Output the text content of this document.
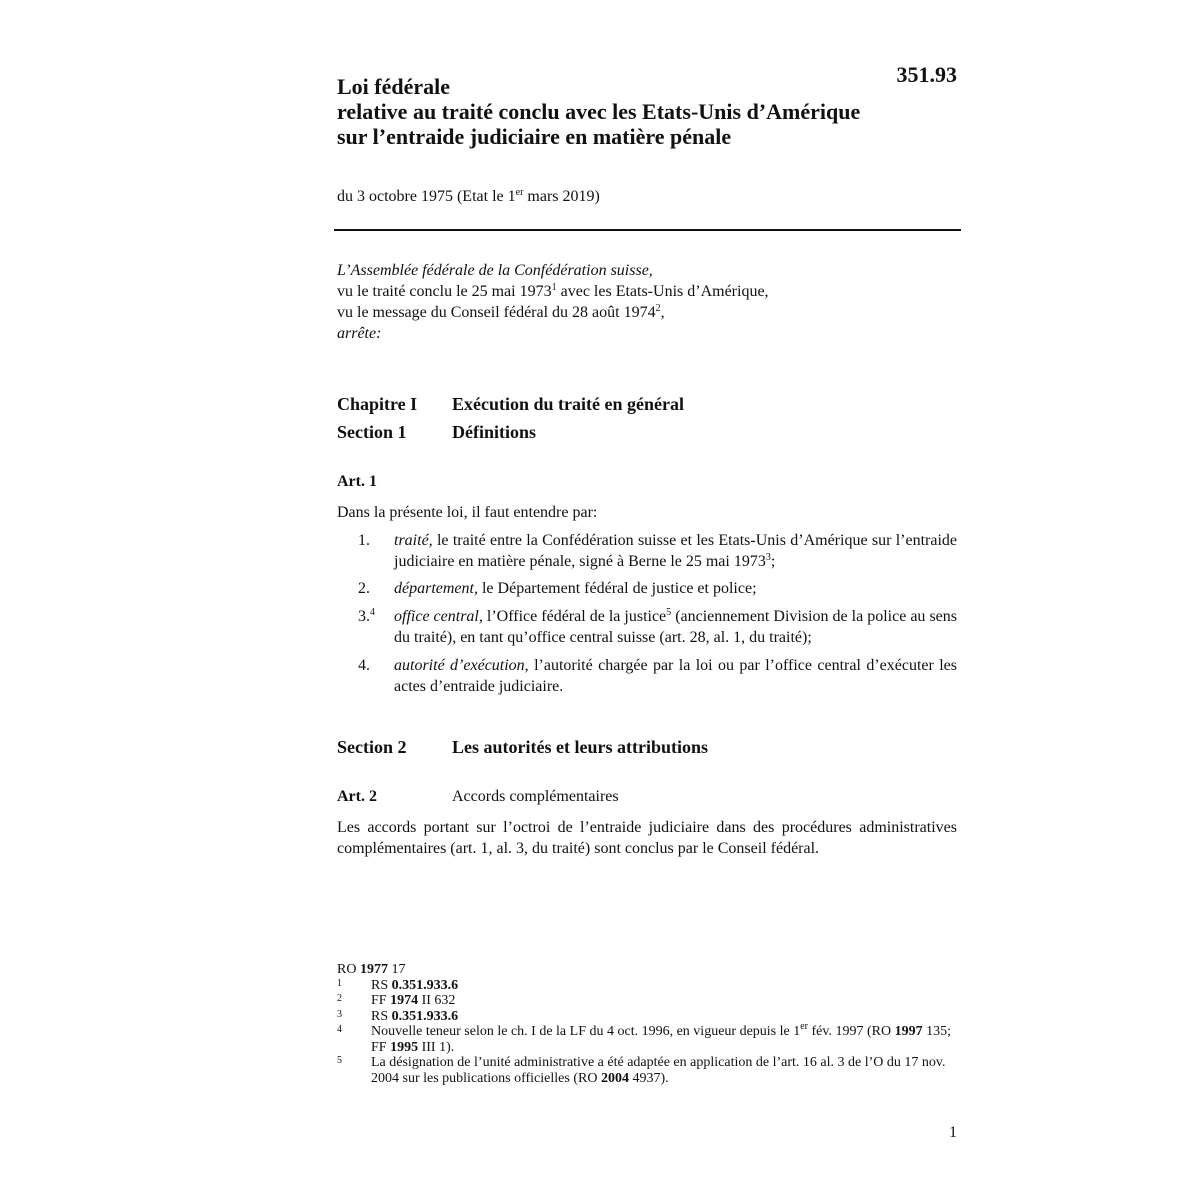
351.93
Loi fédérale
relative au traité conclu avec les Etats-Unis d’Amérique
sur l’entraide judiciaire en matière pénale
du 3 octobre 1975 (Etat le 1er mars 2019)
L’Assemblée fédérale de la Confédération suisse,
vu le traité conclu le 25 mai 1973$^1$ avec les Etats-Unis d’Amérique,
vu le message du Conseil fédéral du 28 août 1974$^2$,
arrête:
Chapitre I Exécution du traité en général
Section 1	Définitions
Art. 1
Dans la présente loi, il faut entendre par:
1. traité, le traité entre la Confédération suisse et les Etats-Unis d’Amérique sur l’entraide judiciaire en matière pénale, signé à Berne le 25 mai 1973$^3$;
2. département, le Département fédéral de justice et police;
3.$^4$ office central, l’Office fédéral de la justice$^5$ (anciennement Division de la police au sens du traité), en tant qu’office central suisse (art. 28, al. 1, du traité);
4. autorité d’exécution, l’autorité chargée par la loi ou par l’office central d’exécuter les actes d’entraide judiciaire.
Section 2	Les autorités et leurs attributions
Art. 2	Accords complémentaires
Les accords portant sur l’octroi de l’entraide judiciaire dans des procédures administratives complémentaires (art. 1, al. 3, du traité) sont conclus par le Conseil fédéral.
RO 1977 17
1 RS 0.351.933.6
2 FF 1974 II 632
3 RS 0.351.933.6
4 Nouvelle teneur selon le ch. I de la LF du 4 oct. 1996, en vigueur depuis le 1er fév. 1997 (RO 1997 135; FF 1995 III 1).
5 La désignation de l’unité administrative a été adaptée en application de l’art. 16 al. 3 de l’O du 17 nov. 2004 sur les publications officielles (RO 2004 4937).
1
